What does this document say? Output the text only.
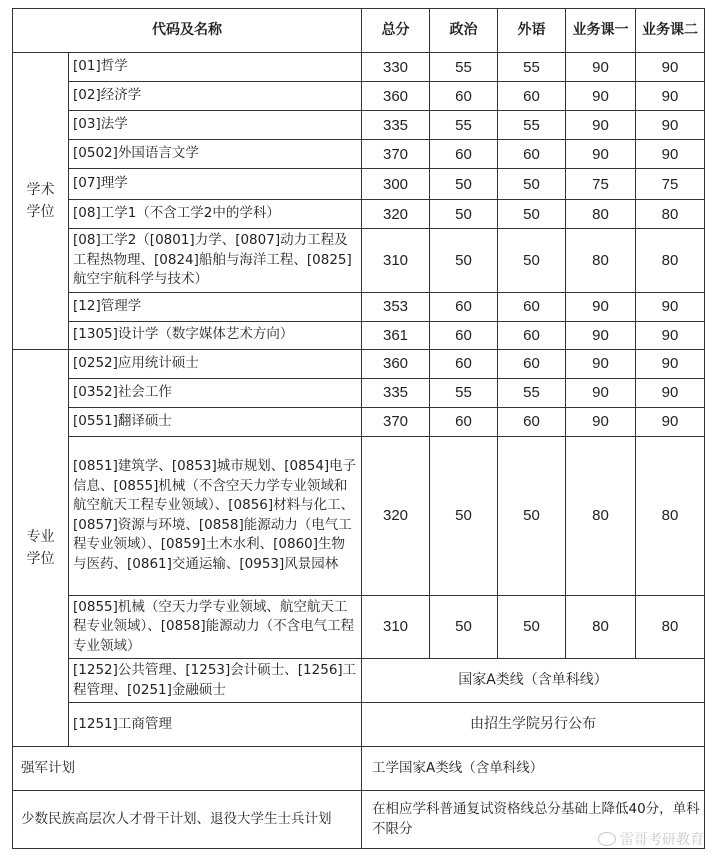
代码及名称		总分	政治	外语	业务课一	业务课二
学术学位	[01]哲学	330	55	55	90	90
	[02]经济学	360	60	60	90	90
	[03]法学	335	55	55	90	90
	[0502]外国语言文学	370	60	60	90	90
	[07]理学	300	50	50	75	75
	[08]工学1（不含工学2中的学科）	320	50	50	80	80
	[08]工学2（[0801]力学、[0807]动力工程及工程热物理、[0824]船舶与海洋工程、[0825]航空宇航科学与技术）	310	50	50	80	80
	[12]管理学	353	60	60	90	90
	[1305]设计学（数字媒体艺术方向）	361	60	60	90	90
专业学位	[0252]应用统计硕士	360	60	60	90	90
	[0352]社会工作	335	55	55	90	90
	[0551]翻译硕士	370	60	60	90	90
	[0851]建筑学、[0853]城市规划、[0854]电子信息、[0855]机械（不含空天力学专业领域和航空航天工程专业领域）、[0856]材料与化工、[0857]资源与环境、[0858]能源动力（电气工程专业领域）、[0859]土木水利、[0860]生物与医药、[0861]交通运输、[0953]风景园林	320	50	50	80	80
	[0855]机械（空天力学专业领域、航空航天工程专业领域）、[0858]能源动力（不含电气工程专业领域）	310	50	50	80	80
	[1252]公共管理、[1253]会计硕士、[1256]工程管理、[0251]金融硕士	国家A类线（含单科线）				
	[1251]工商管理	由招生学院另行公布				
强军计划		工学国家A类线（含单科线）				
少数民族高层次人才骨干计划、退役大学生士兵计划		在相应学科普通复试资格线总分基础上降低40分，单科不限分				
雷哥考研教育
